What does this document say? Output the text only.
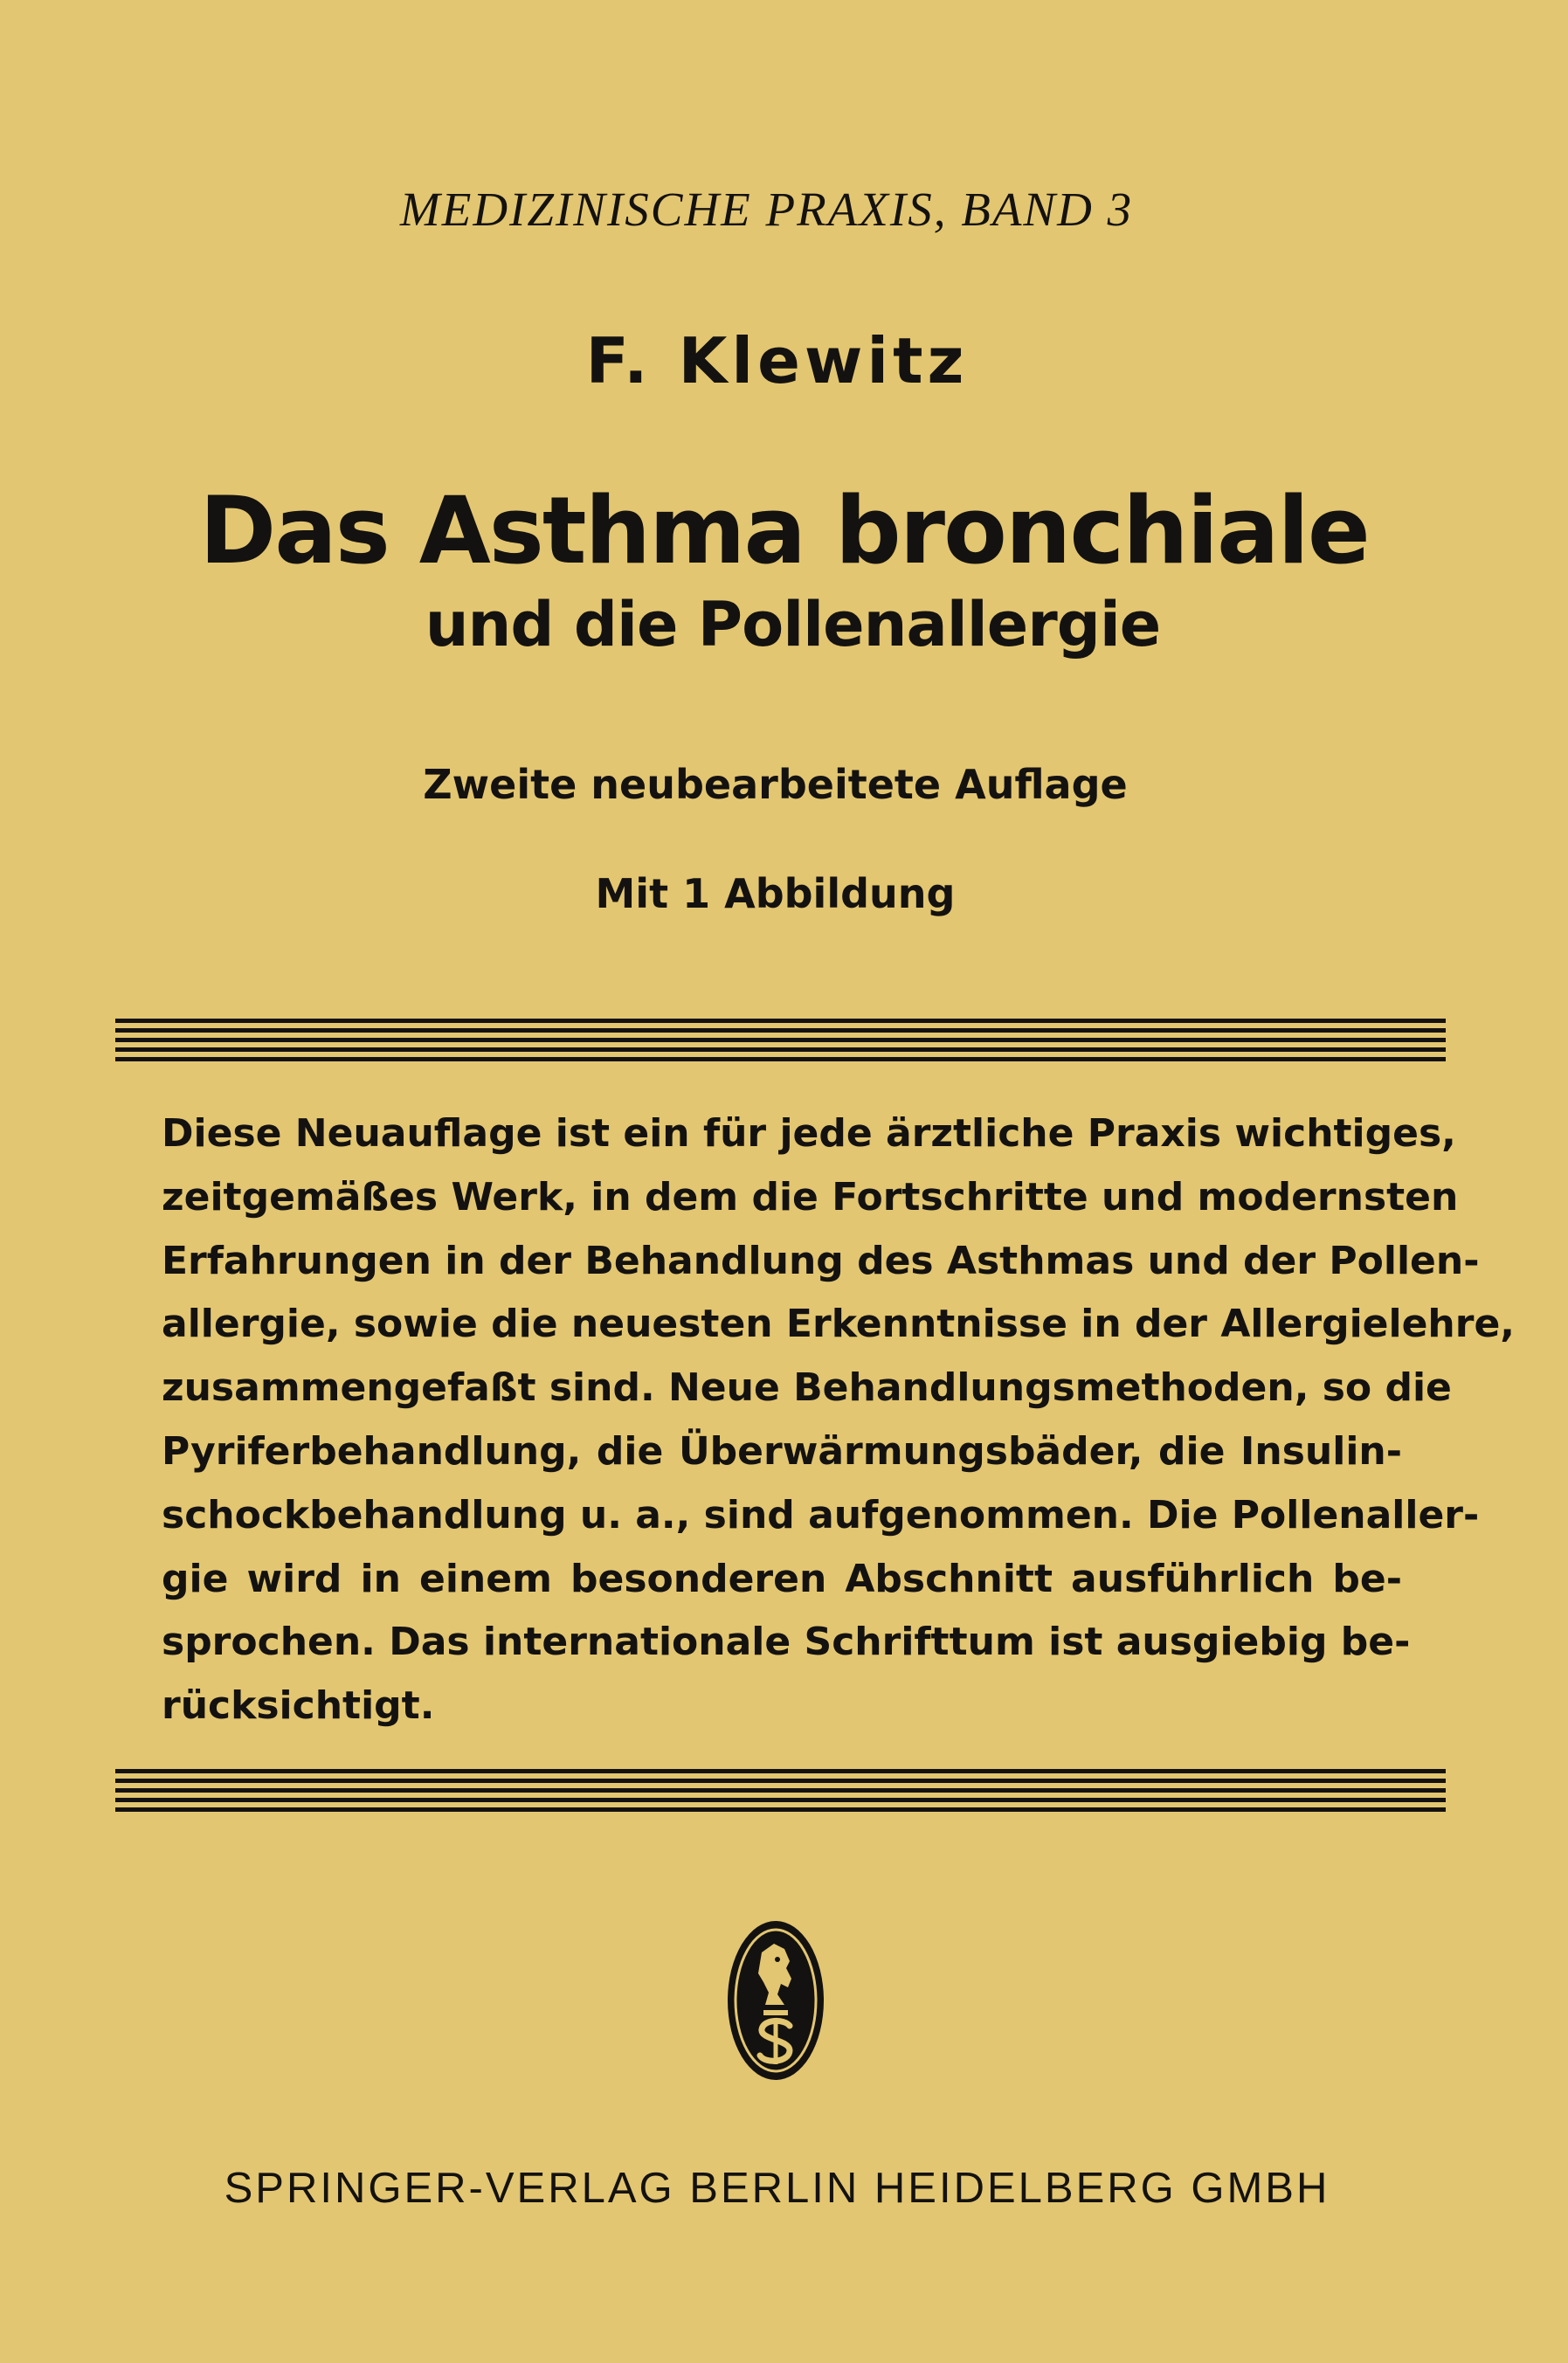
MEDIZINISCHE PRAXIS, BAND 3
F. Klewitz
Das Asthma bronchiale
und die Pollenallergie
Zweite neubearbeitete Auflage
Mit 1 Abbildung
Diese Neuauflage ist ein für jede ärztliche Praxis wichtiges,
zeitgemäßes Werk, in dem die Fortschritte und modernsten
Erfahrungen in der Behandlung des Asthmas und der Pollen-
allergie, sowie die neuesten Erkenntnisse in der Allergielehre,
zusammengefaßt sind. Neue Behandlungsmethoden, so die
Pyriferbehandlung, die Überwärmungsbäder, die Insulin-
schockbehandlung u. a., sind aufgenommen. Die Pollenaller-
gie wird in einem besonderen Abschnitt ausführlich be-
sprochen. Das internationale Schrifttum ist ausgiebig be-
rücksichtigt.
SPRINGER-VERLAG BERLIN HEIDELBERG GMBH
